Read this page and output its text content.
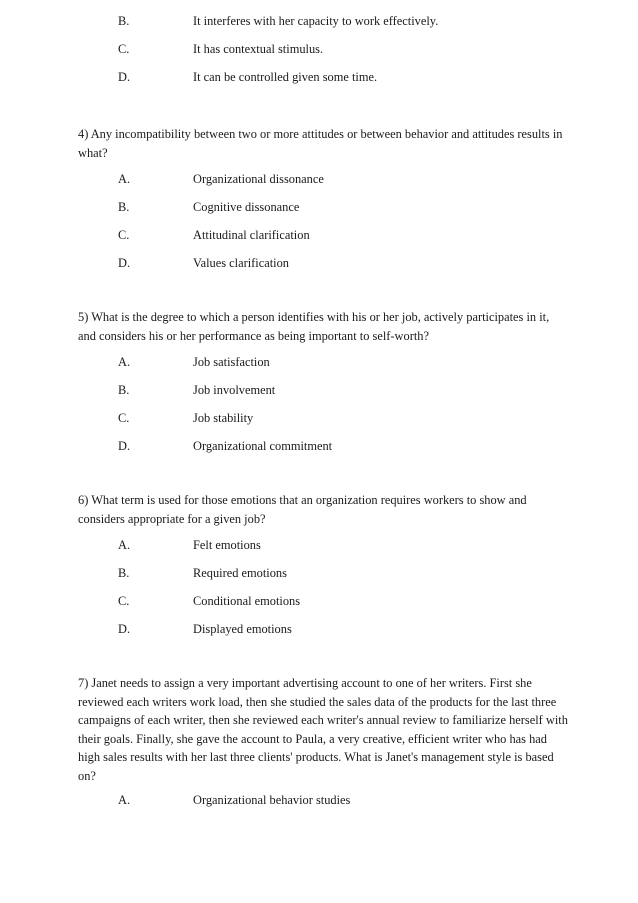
B.	It interferes with her capacity to work effectively.
C.	It has contextual stimulus.
D.	It can be controlled given some time.

4) Any incompatibility between two or more attitudes or between behavior and attitudes results in what?

A.	Organizational dissonance
B.	Cognitive dissonance
C.	Attitudinal clarification
D.	Values clarification

5) What is the degree to which a person identifies with his or her job, actively participates in it, and considers his or her performance as being important to self-worth?

A.	Job satisfaction
B.	Job involvement
C.	Job stability
D.	Organizational commitment

6) What term is used for those emotions that an organization requires workers to show and considers appropriate for a given job?

A.	Felt emotions
B.	Required emotions
C.	Conditional emotions
D.	Displayed emotions

7) Janet needs to assign a very important advertising account to one of her writers. First she reviewed each writers work load, then she studied the sales data of the products for the last three campaigns of each writer, then she reviewed each writer's annual review to familiarize herself with their goals. Finally, she gave the account to Paula, a very creative, efficient writer who has had high sales results with her last three clients' products. What is Janet's management style is based on?

A.	Organizational behavior studies
